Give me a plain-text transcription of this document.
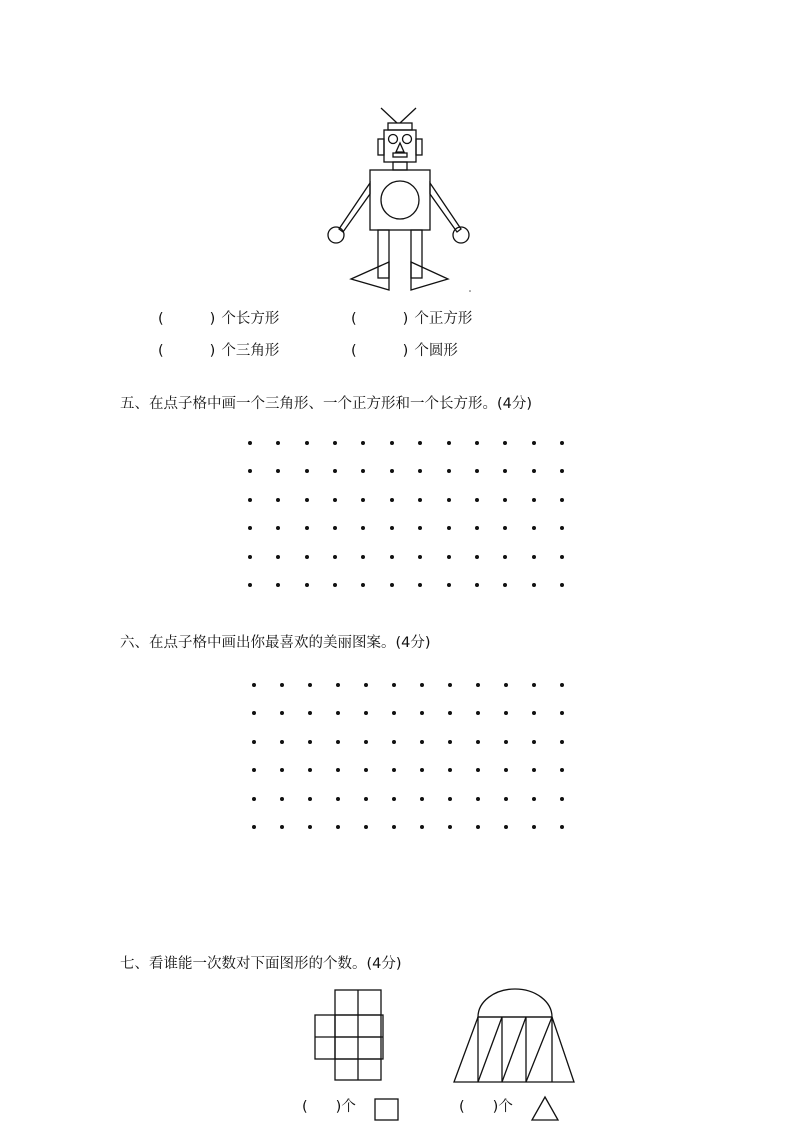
(	) 个长方形	(	) 个正方形
(	) 个三角形	(	) 个圆形
五、在点子格中画一个三角形、一个正方形和一个长方形。(4分)
六、在点子格中画出你最喜欢的美丽图案。(4分)
七、看谁能一次数对下面图形的个数。(4分)
( )个	( )个
